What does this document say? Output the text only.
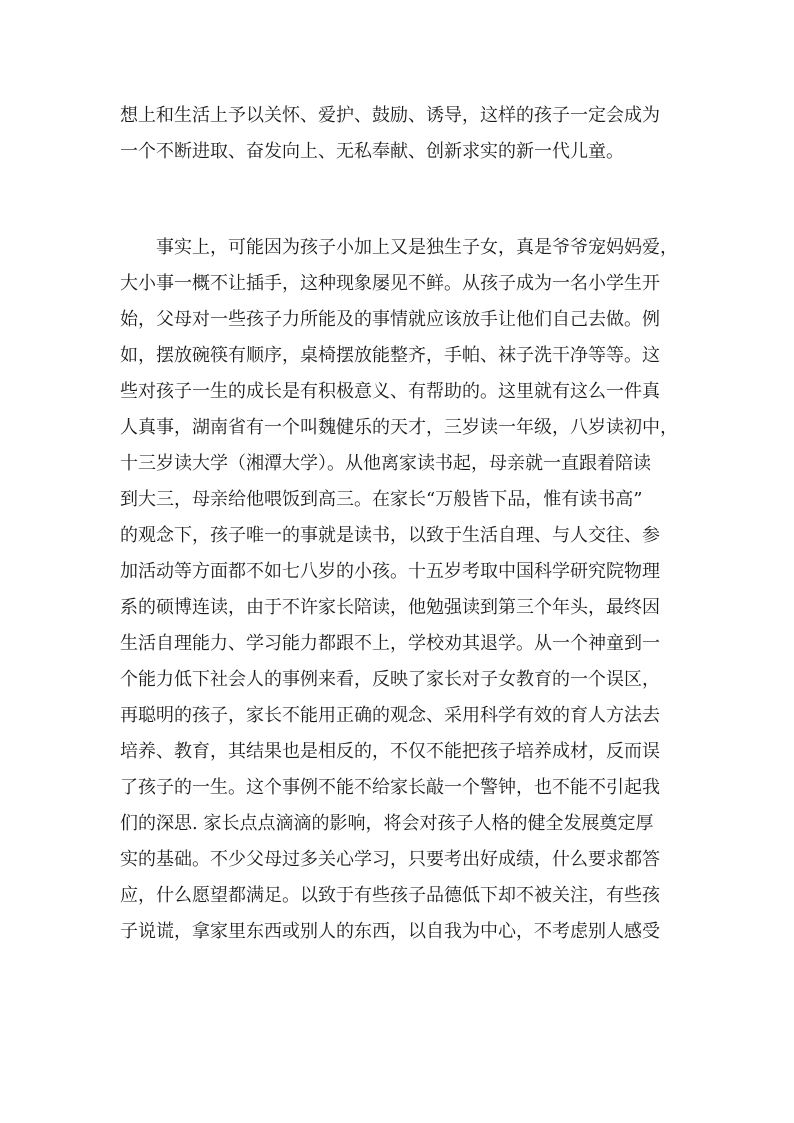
想上和生活上予以关怀、爱护、鼓励、诱导，这样的孩子一定会成为
一个不断进取、奋发向上、无私奉献、创新求实的新一代儿童。
事实上，可能因为孩子小加上又是独生子女，真是爷爷宠妈妈爱，
大小事一概不让插手，这种现象屡见不鲜。从孩子成为一名小学生开
始，父母对一些孩子力所能及的事情就应该放手让他们自己去做。例
如，摆放碗筷有顺序，桌椅摆放能整齐，手帕、袜子洗干净等等。这
些对孩子一生的成长是有积极意义、有帮助的。这里就有这么一件真
人真事，湖南省有一个叫魏健乐的天才，三岁读一年级，八岁读初中，
十三岁读大学（湘潭大学）。从他离家读书起，母亲就一直跟着陪读
到大三，母亲给他喂饭到高三。在家长“万般皆下品，惟有读书高”
的观念下，孩子唯一的事就是读书，以致于生活自理、与人交往、参
加活动等方面都不如七八岁的小孩。十五岁考取中国科学研究院物理
系的硕博连读，由于不许家长陪读，他勉强读到第三个年头，最终因
生活自理能力、学习能力都跟不上，学校劝其退学。从一个神童到一
个能力低下社会人的事例来看，反映了家长对子女教育的一个误区，
再聪明的孩子，家长不能用正确的观念、采用科学有效的育人方法去
培养、教育，其结果也是相反的，不仅不能把孩子培养成材，反而误
了孩子的一生。这个事例不能不给家长敲一个警钟，也不能不引起我
们的深思. 家长点点滴滴的影响，将会对孩子人格的健全发展奠定厚
实的基础。不少父母过多关心学习，只要考出好成绩，什么要求都答
应，什么愿望都满足。以致于有些孩子品德低下却不被关注，有些孩
子说谎，拿家里东西或别人的东西，以自我为中心，不考虑别人感受
